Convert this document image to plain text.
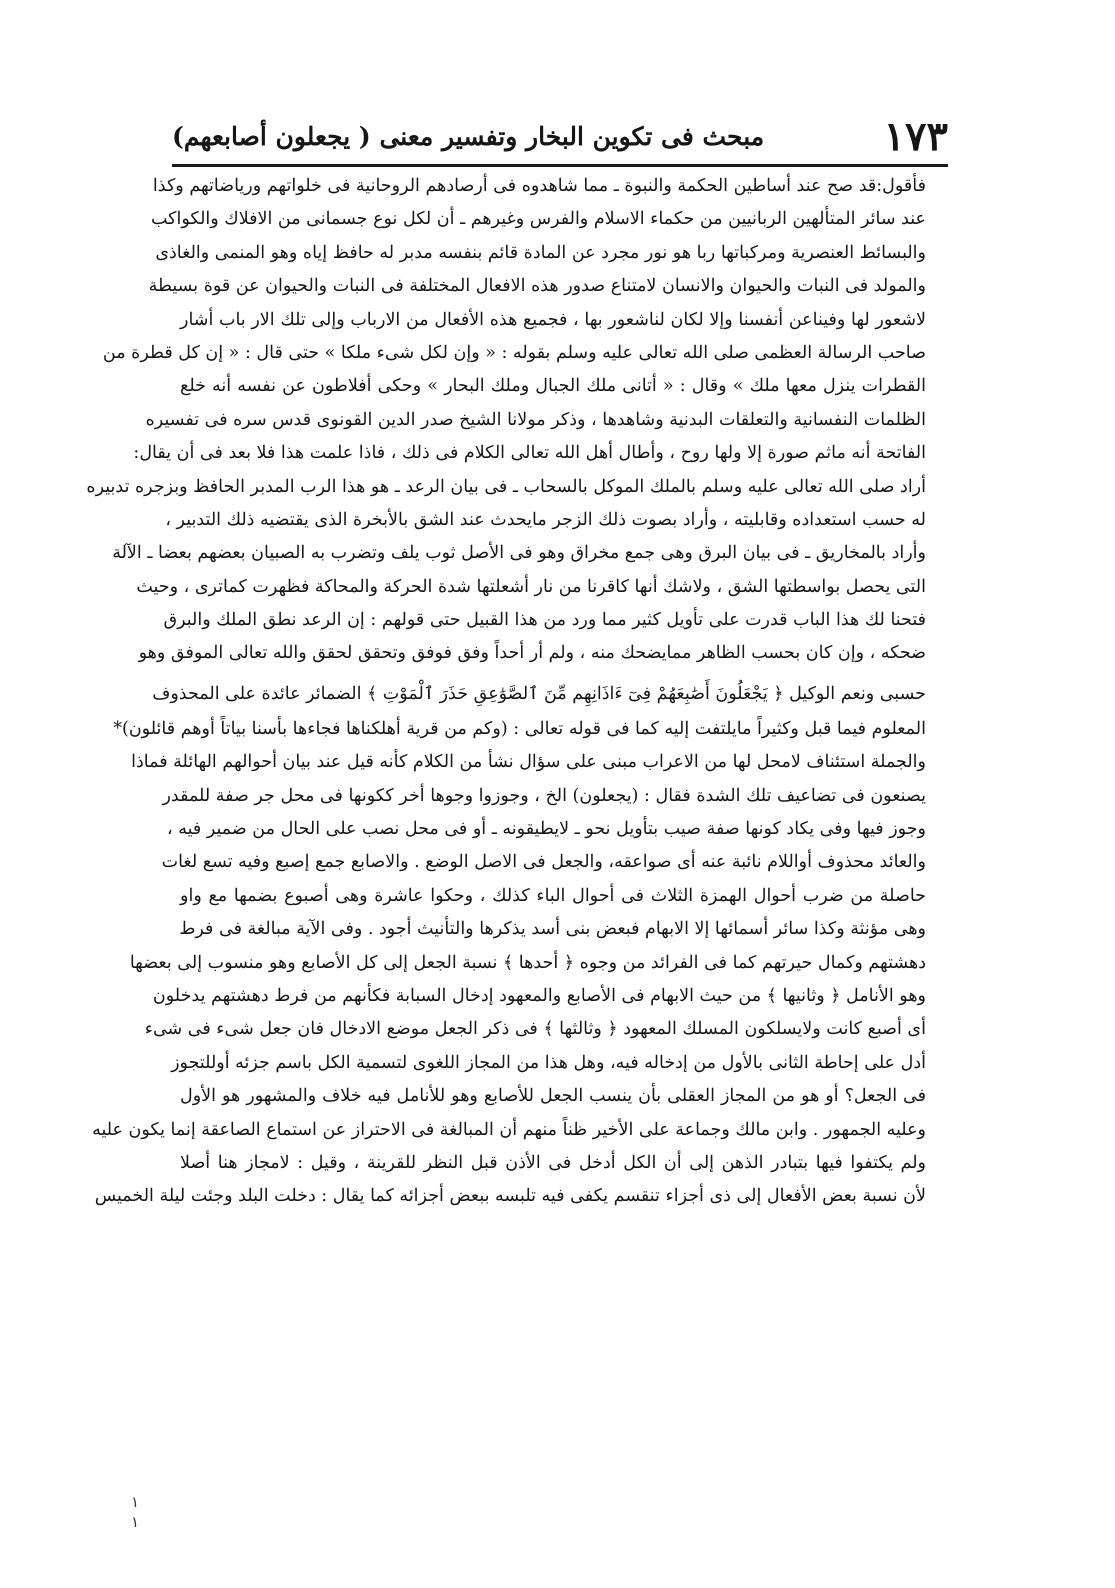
١٧٣
مبحث فى تكوين البخار وتفسير معنى ( يجعلون أصابعهم)
فأقول:قد صح عند أساطين الحكمة والنبوة ـ مما شاهدوه فى أرصادهم الروحانية فى خلواتهم ورياضاتهم وكذا
عند سائر المتألهين الربانيين من حكماء الاسلام والفرس وغيرهم ـ أن لكل نوع جسمانى من الافلاك والكواكب
والبسائط العنصرية ومركباتها ربا هو نور مجرد عن المادة قائم بنفسه مدبر له حافظ إياه وهو المنمى والغاذى
والمولد فى النبات والحيوان والانسان لامتناع صدور هذه الافعال المختلفة فى النبات والحيوان عن قوة بسيطة
لاشعور لها وفيناعن أنفسنا وإلا لكان لناشعور بها ، فجميع هذه الأفعال من الارباب وإلى تلك الار باب أشار
صاحب الرسالة العظمى صلى الله تعالى عليه وسلم بقوله : « وإن لكل شىء ملكا » حتى قال : « إن كل قطرة من
القطرات ينزل معها ملك » وقال : « أتانى ملك الجبال وملك البحار » وحكى أفلاطون عن نفسه أنه خلع
الظلمات النفسانية والتعلقات البدنية وشاهدها ، وذكر مولانا الشيخ صدر الدين القونوى قدس سره فى تفسيره
الفاتحة أنه ماثم صورة إلا ولها روح ، وأطال أهل الله تعالى الكلام فى ذلك ، فاذا علمت هذا فلا بعد فى أن يقال:
أراد صلى الله تعالى عليه وسلم بالملك الموكل بالسحاب ـ فى بيان الرعد ـ هو هذا الرب المدبر الحافظ وبزجره تدبيره
له حسب استعداده وقابليته ، وأراد بصوت ذلك الزجر مايحدث عند الشق بالأبخرة الذى يقتضيه ذلك التدبير ،
وأراد بالمخاريق ـ فى بيان البرق وهى جمع مخراق وهو فى الأصل ثوب يلف وتضرب به الصبيان بعضهم بعضا ـ الآلة
التى يحصل بواسطتها الشق ، ولاشك أنها كاقرنا من نار أشعلتها شدة الحركة والمحاكة فظهرت كماترى ، وحيث
فتحنا لك هذا الباب قدرت على تأويل كثير مما ورد من هذا القبيل حتى قولهم : إن الرعد نطق الملك والبرق
ضحكه ، وإن كان بحسب الظاهر ممايضحك منه ، ولم أر أحداً وفق فوفق وتحقق لحقق والله تعالى الموفق وهو
حسبى ونعم الوكيل ﴿ يَجْعَلُونَ أَصَٰبِعَهُمْ فِىٓ ءَاذَانِهِم مِّنَ ٱلصَّوَٰعِقِ حَذَرَ ٱلْمَوْتِ ﴾ الضمائر عائدة على المحذوف
المعلوم فيما قبل وكثيراً مايلتفت إليه كما فى قوله تعالى : (وكم من قرية أهلكناها فجاءها بأسنا بياتاً أوهم قائلون)*
والجملة استئناف لامحل لها من الاعراب مبنى على سؤال نشأ من الكلام كأنه قيل عند بيان أحوالهم الهائلة فماذا
يصنعون فى تضاعيف تلك الشدة فقال : (يجعلون) الخ ، وجوزوا وجوها أخر ككونها فى محل جر صفة للمقدر
وجوز فيها وفى يكاد كونها صفة صيب بتأويل نحو ـ لايطيقونه ـ أو فى محل نصب على الحال من ضمير فيه ،
والعائد محذوف أواللام نائبة عنه أى صواعقه، والجعل فى الاصل الوضع . والاصابع جمع إصبع وفيه تسع لغات
حاصلة من ضرب أحوال الهمزة الثلاث فى أحوال الباء كذلك ، وحكوا عاشرة وهى أصبوع بضمها مع واو
وهى مؤنثة وكذا سائر أسمائها إلا الابهام فبعض بنى أسد يذكرها والتأنيث أجود . وفى الآية مبالغة فى فرط
دهشتهم وكمال حيرتهم كما فى الفرائد من وجوه ﴿ أحدها ﴾ نسبة الجعل إلى كل الأصابع وهو منسوب إلى بعضها
وهو الأنامل ﴿ وثانيها ﴾ من حيث الابهام فى الأصابع والمعهود إدخال السبابة فكأنهم من فرط دهشتهم يدخلون
أى أصبع كانت ولايسلكون المسلك المعهود ﴿ وثالثها ﴾ فى ذكر الجعل موضع الادخال فان جعل شىء فى شىء
أدل على إحاطة الثانى بالأول من إدخاله فيه، وهل هذا من المجاز اللغوى لتسمية الكل باسم جزئه أوللتجوز
فى الجعل؟ أو هو من المجاز العقلى بأن ينسب الجعل للأصابع وهو للأنامل فيه خلاف والمشهور هو الأول
وعليه الجمهور . وابن مالك وجماعة على الأخير ظناً منهم أن المبالغة فى الاحتراز عن استماع الصاعقة إنما يكون عليه
ولم يكتفوا فيها بتبادر الذهن إلى أن الكل أدخل فى الأذن قبل النظر للقرينة ، وقيل : لامجاز هنا أصلا
لأن نسبة بعض الأفعال إلى ذى أجزاء تنقسم يكفى فيه تلبسه ببعض أجزائه كما يقال : دخلت البلد وجئت ليلة الخميس
١ ١
